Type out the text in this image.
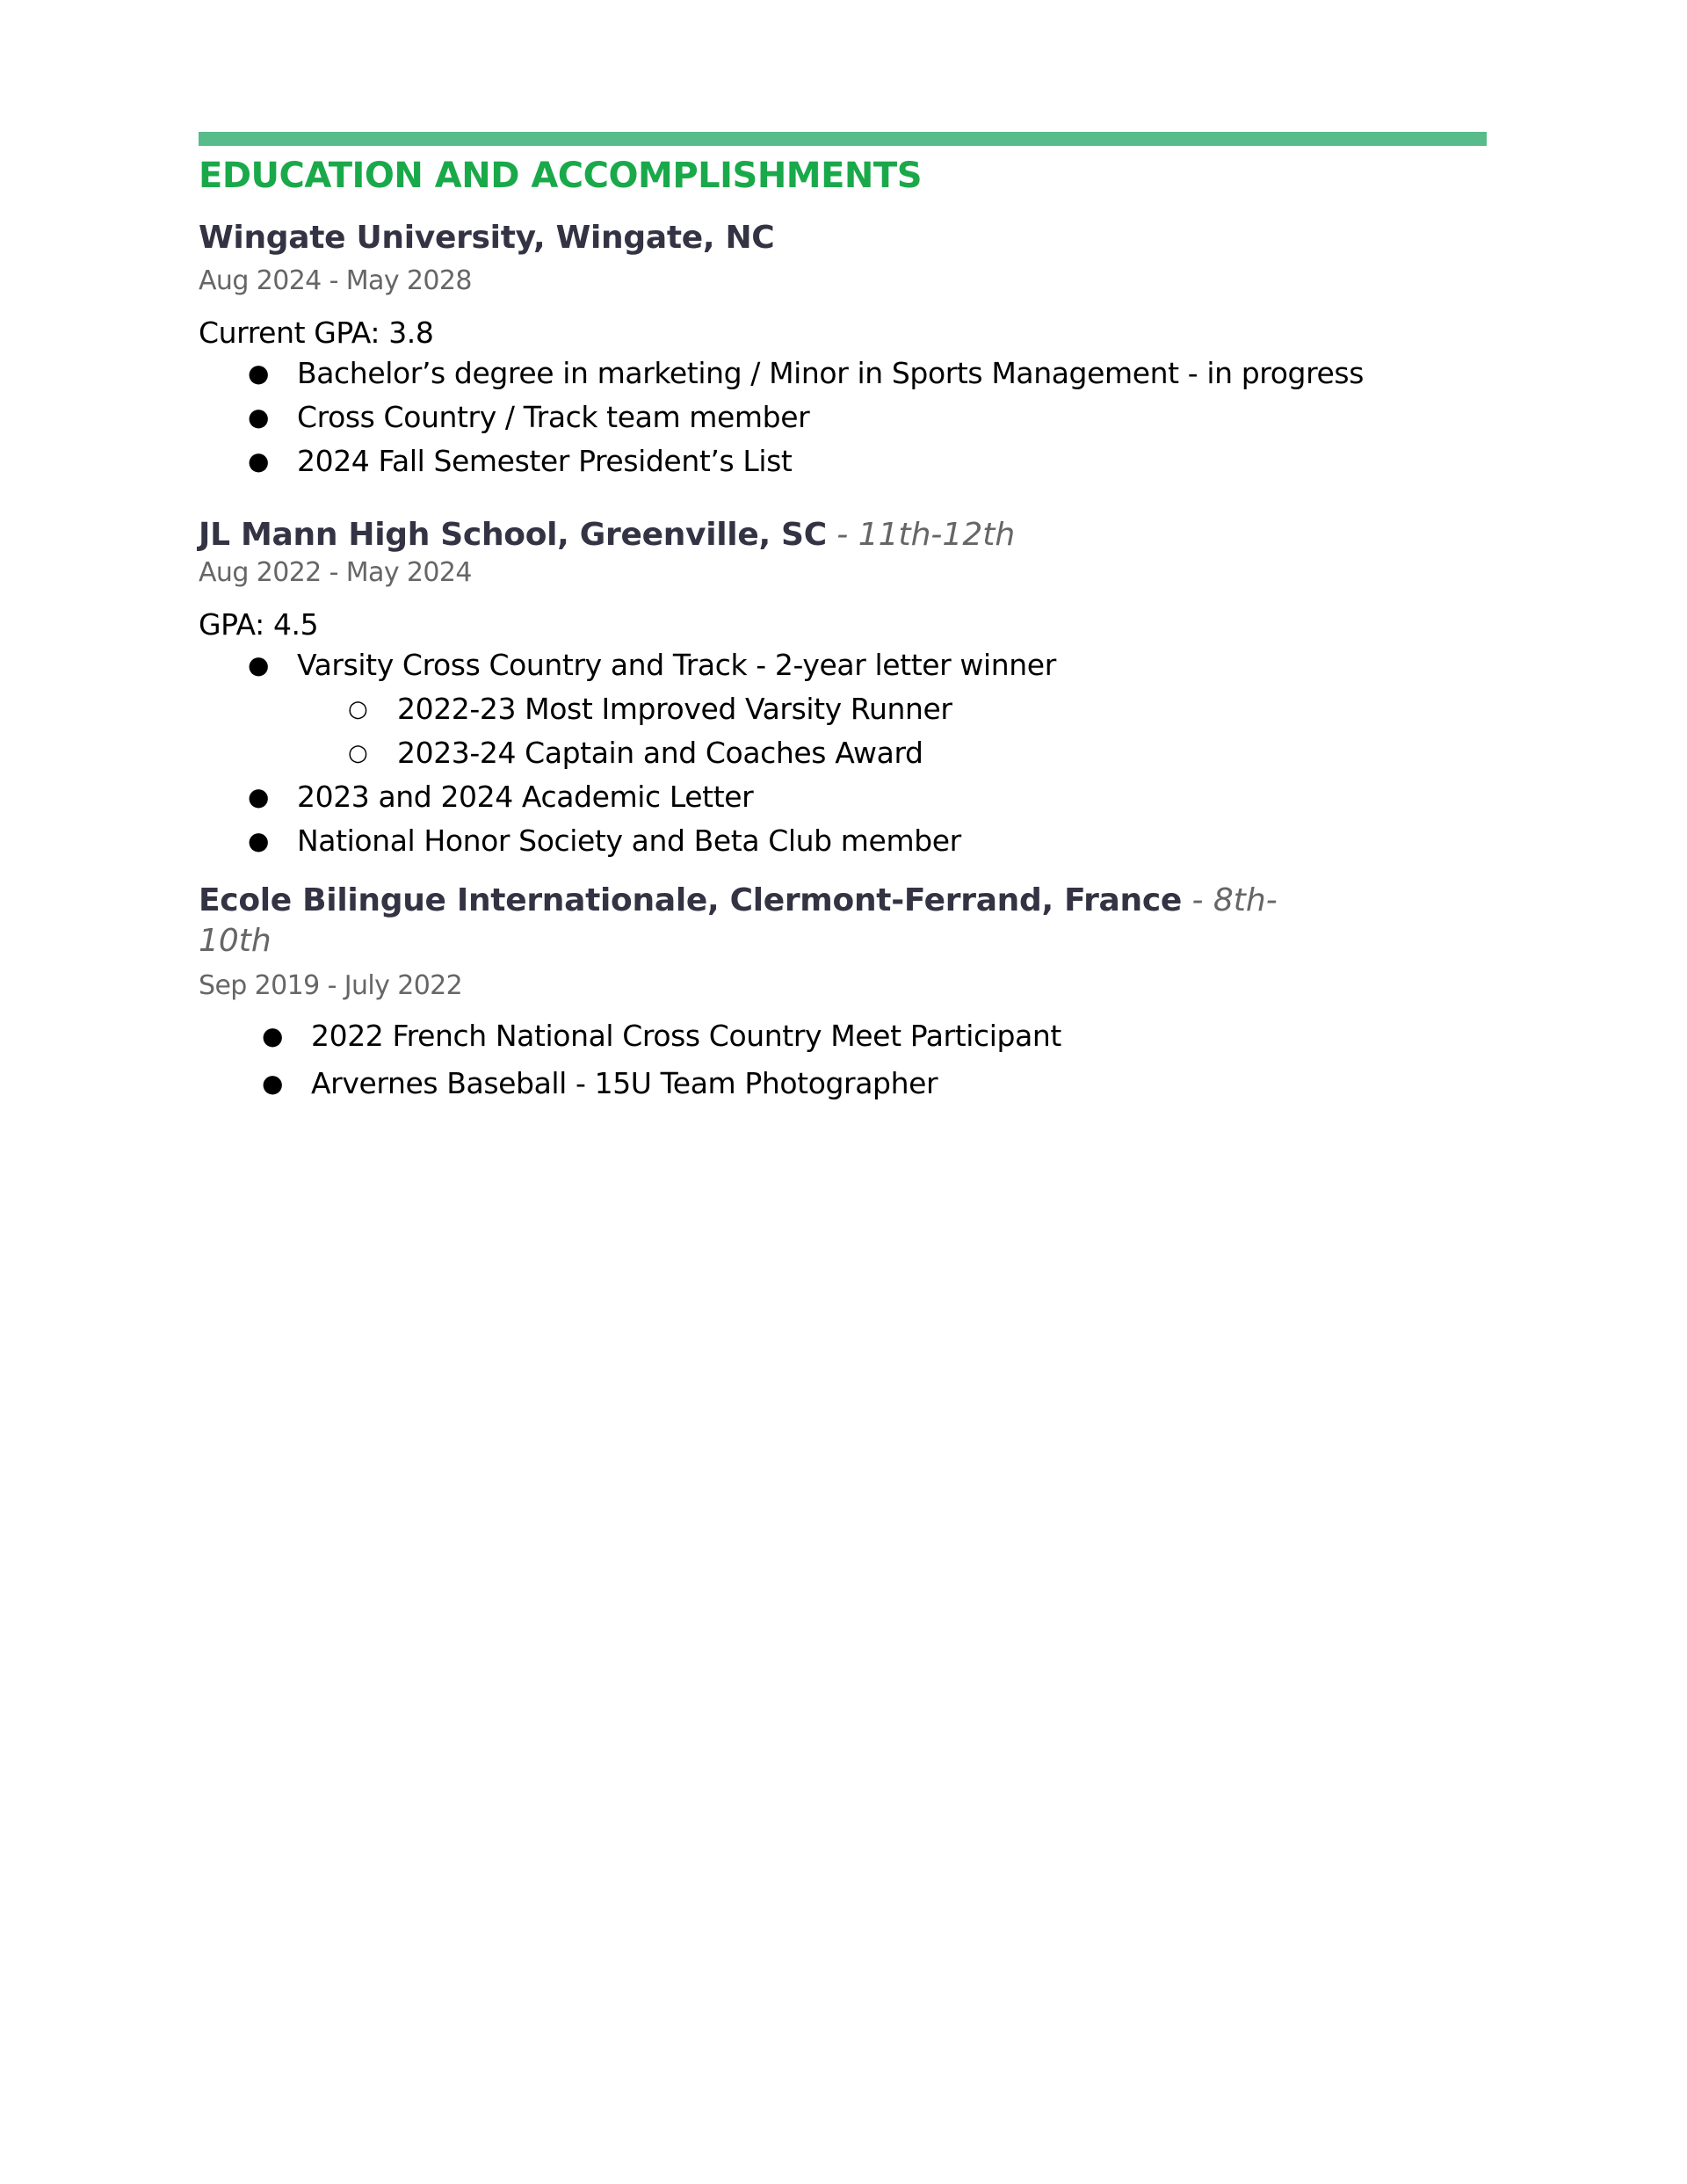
EDUCATION AND ACCOMPLISHMENTS

Wingate University, Wingate, NC

Aug 2024 - May 2028

Current GPA: 3.8

● Bachelor’s degree in marketing / Minor in Sports Management - in progress
● Cross Country / Track team member
● 2024 Fall Semester President’s List

JL Mann High School, Greenville, SC - 11th-12th

Aug 2022 - May 2024

GPA: 4.5

● Varsity Cross Country and Track - 2-year letter winner
○ 2022-23 Most Improved Varsity Runner
○ 2023-24 Captain and Coaches Award
● 2023 and 2024 Academic Letter
● National Honor Society and Beta Club member

Ecole Bilingue Internationale, Clermont-Ferrand, France - 8th-
10th

Sep 2019 - July 2022

● 2022 French National Cross Country Meet Participant
● Arvernes Baseball - 15U Team Photographer
